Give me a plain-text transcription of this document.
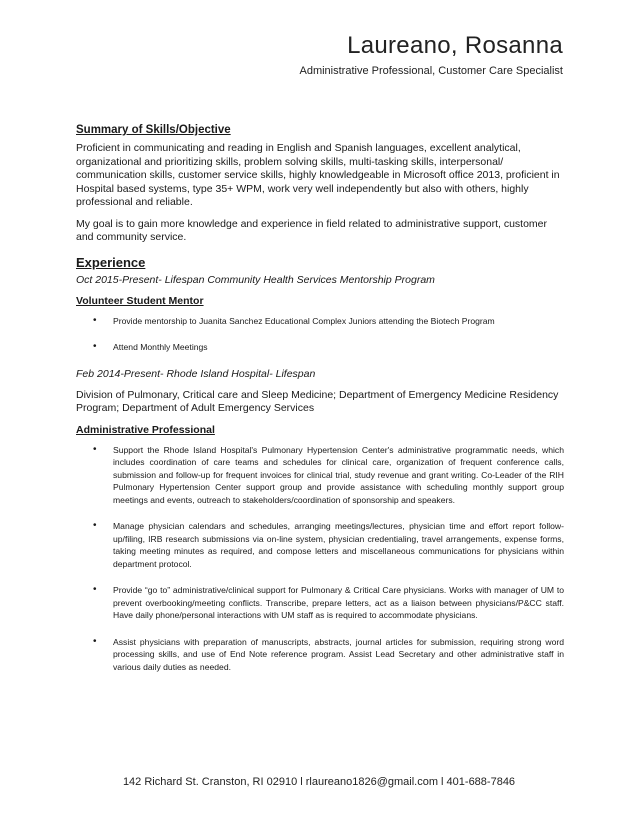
Laureano, Rosanna
Administrative Professional, Customer Care Specialist
Summary of Skills/Objective

Proficient in communicating and reading in English and Spanish languages, excellent analytical, organizational and prioritizing skills, problem solving skills, multi-tasking skills, interpersonal/ communication skills, customer service skills, highly knowledgeable in Microsoft office 2013, proficient in Hospital based systems, type 35+ WPM, work very well independently but also with others, highly professional and reliable.

My goal is to gain more knowledge and experience in field related to administrative support, customer and community service.

Experience
Oct 2015-Present- Lifespan Community Health Services Mentorship Program
Volunteer Student Mentor
• Provide mentorship to Juanita Sanchez Educational Complex Juniors attending the Biotech Program
• Attend Monthly Meetings
Feb 2014-Present- Rhode Island Hospital- Lifespan

Division of Pulmonary, Critical care and Sleep Medicine; Department of Emergency Medicine Residency Program; Department of Adult Emergency Services

Administrative Professional
• Support the Rhode Island Hospital's Pulmonary Hypertension Center's administrative programmatic needs, which includes coordination of care teams and schedules for clinical care, organization of frequent conference calls, submission and follow-up for frequent invoices for clinical trial, study revenue and grant writing. Co-Leader of the RIH Pulmonary Hypertension Center support group and provide assistance with scheduling monthly support group meetings and events, outreach to stakeholders/coordination of sponsorship and speakers.
• Manage physician calendars and schedules, arranging meetings/lectures, physician time and effort report follow-up/filing, IRB research submissions via on-line system, physician credentialing, travel arrangements, expense forms, taking meeting minutes as required, and compose letters and miscellaneous communications for physicians within department protocol.
• Provide “go to” administrative/clinical support for Pulmonary & Critical Care physicians. Works with manager of UM to prevent overbooking/meeting conflicts. Transcribe, prepare letters, act as a liaison between physicians/P&CC staff. Have daily phone/personal interactions with UM staff as is required to accommodate physicians.
• Assist physicians with preparation of manuscripts, abstracts, journal articles for submission, requiring strong word processing skills, and use of End Note reference program. Assist Lead Secretary and other administrative staff in various daily duties as needed.
142 Richard St. Cranston, RI 02910 l rlaureano1826@gmail.com l 401-688-7846
